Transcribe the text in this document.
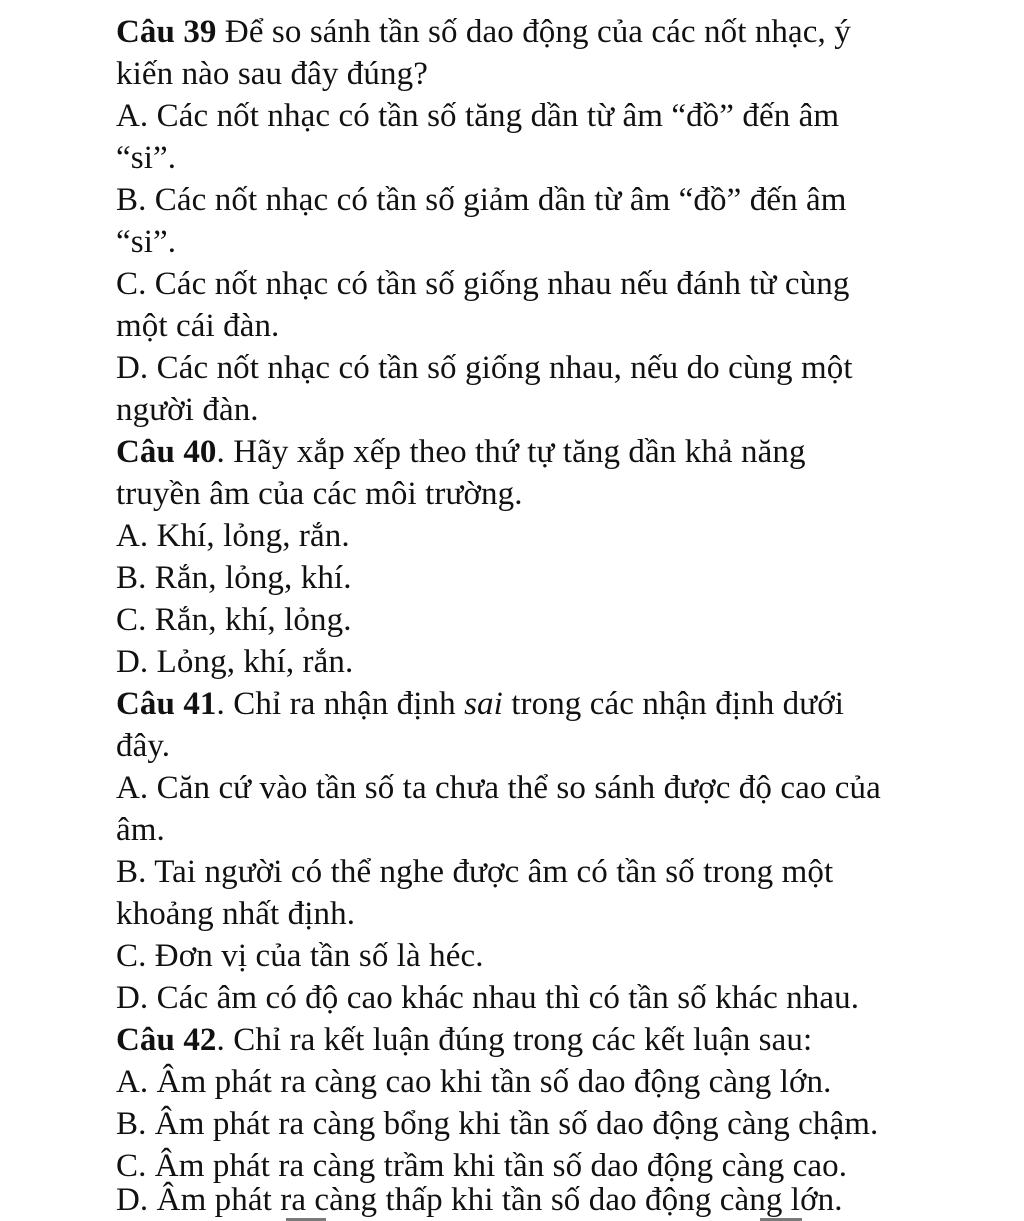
Câu 39 Để so sánh tần số dao động của các nốt nhạc, ý
kiến nào sau đây đúng?
A. Các nốt nhạc có tần số tăng dần từ âm “đồ” đến âm
“si”.
B. Các nốt nhạc có tần số giảm dần từ âm “đồ” đến âm
“si”.
C. Các nốt nhạc có tần số giống nhau nếu đánh từ cùng
một cái đàn.
D. Các nốt nhạc có tần số giống nhau, nếu do cùng một
người đàn.
Câu 40. Hãy xắp xếp theo thứ tự tăng dần khả năng
truyền âm của các môi trường.
A. Khí, lỏng, rắn.
B. Rắn, lỏng, khí.
C. Rắn, khí, lỏng.
D. Lỏng, khí, rắn.
Câu 41. Chỉ ra nhận định sai trong các nhận định dưới
đây.
A. Căn cứ vào tần số ta chưa thể so sánh được độ cao của
âm.
B. Tai người có thể nghe được âm có tần số trong một
khoảng nhất định.
C. Đơn vị của tần số là héc.
D. Các âm có độ cao khác nhau thì có tần số khác nhau.
Câu 42. Chỉ ra kết luận đúng trong các kết luận sau:
A. Âm phát ra càng cao khi tần số dao động càng lớn.
B. Âm phát ra càng bổng khi tần số dao động càng chậm.
C. Âm phát ra càng trầm khi tần số dao động càng cao.
D. Âm phát ra càng thấp khi tần số dao động càng lớn.
